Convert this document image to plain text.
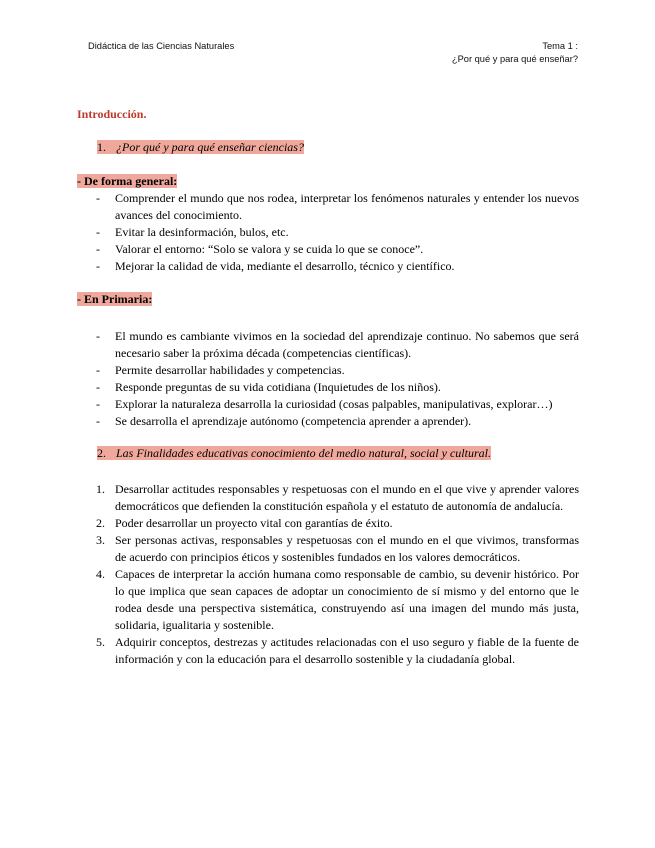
Didáctica de las Ciencias Naturales	Tema 1 :
¿Por qué y para qué enseñar?

Introducción.

1. ¿Por qué y para qué enseñar ciencias?

- De forma general:

- Comprender el mundo que nos rodea, interpretar los fenómenos naturales y entender los nuevos avances del conocimiento.
- Evitar la desinformación, bulos, etc.
- Valorar el entorno: “Solo se valora y se cuida lo que se conoce”.
- Mejorar la calidad de vida, mediante el desarrollo, técnico y científico.

- En Primaria:

- El mundo es cambiante vivimos en la sociedad del aprendizaje continuo. No sabemos que será necesario saber la próxima década (competencias científicas).
- Permite desarrollar habilidades y competencias.
- Responde preguntas de su vida cotidiana (Inquietudes de los niños).
- Explorar la naturaleza desarrolla la curiosidad (cosas palpables, manipulativas, explorar…)
- Se desarrolla el aprendizaje autónomo (competencia aprender a aprender).
2. Las Finalidades educativas conocimiento del medio natural, social y cultural.
1. Desarrollar actitudes responsables y respetuosas con el mundo en el que vive y aprender valores democráticos que defienden la constitución española y el estatuto de autonomía de andalucía.
2. Poder desarrollar un proyecto vital con garantías de éxito.
3. Ser personas activas, responsables y respetuosas con el mundo en el que vivimos, transformas de acuerdo con principios éticos y sostenibles fundados en los valores democráticos.
4. Capaces de interpretar la acción humana como responsable de cambio, su devenir histórico. Por lo que implica que sean capaces de adoptar un conocimiento de sí mismo y del entorno que le rodea desde una perspectiva sistemática, construyendo así una imagen del mundo más justa, solidaria, igualitaria y sostenible.
5. Adquirir conceptos, destrezas y actitudes relacionadas con el uso seguro y fiable de la fuente de información y con la educación para el desarrollo sostenible y la ciudadanía global.
